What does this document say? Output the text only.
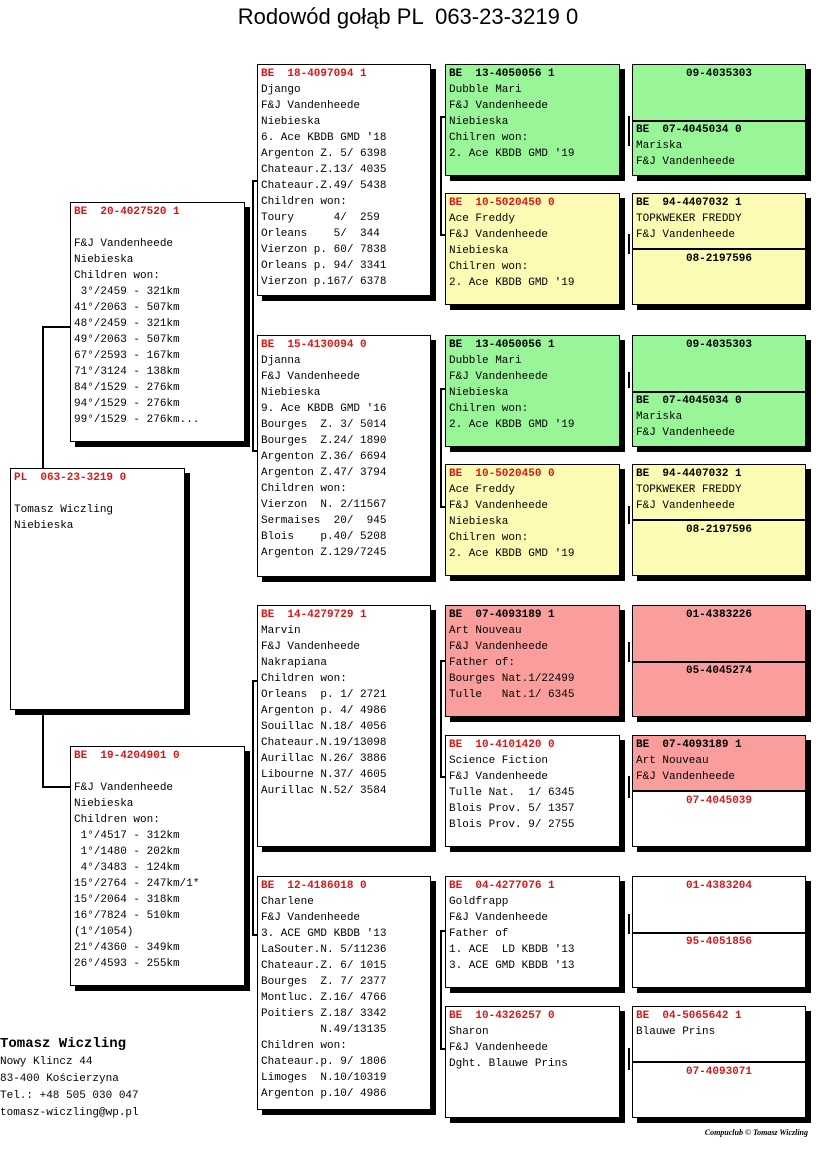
Rodowód gołąb PL  063-23-3219 0
PL  063-23-3219 0
Tomasz Wiczling
Niebieska
BE  20-4027520 1
F&J Vandenheede
Niebieska
Children won:
3°/2459 - 321km
41°/2063 - 507km
48°/2459 - 321km
49°/2063 - 507km
67°/2593 - 167km
71°/3124 - 138km
84°/1529 - 276km
94°/1529 - 276km
99°/1529 - 276km...
BE  19-4204901 0
F&J Vandenheede
Niebieska
Children won:
1°/4517 - 312km
1°/1480 - 202km
4°/3483 - 124km
15°/2764 - 247km/1*
15°/2064 - 318km
16°/7824 - 510km
(1°/1054)
21°/4360 - 349km
26°/4593 - 255km
BE  18-4097094 1
Django
F&J Vandenheede
Niebieska
6. Ace KBDB GMD '18
Argenton Z. 5/ 6398
Chateaur.Z.13/ 4035
Chateaur.Z.49/ 5438
Children won:
Toury      4/  259
Orleans    5/  344
Vierzon p. 60/ 7838
Orleans p. 94/ 3341
Vierzon p.167/ 6378
BE  15-4130094 0
Djanna
F&J Vandenheede
Niebieska
9. Ace KBDB GMD '16
Bourges  Z. 3/ 5014
Bourges  Z.24/ 1890
Argenton Z.36/ 6694
Argenton Z.47/ 3794
Children won:
Vierzon  N. 2/11567
Sermaises  20/  945
Blois    p.40/ 5208
Argenton Z.129/7245
BE  14-4279729 1
Marvin
F&J Vandenheede
Nakrapiana
Children won:
Orleans  p. 1/ 2721
Argenton p. 4/ 4986
Souillac N.18/ 4056
Chateaur.N.19/13098
Aurillac N.26/ 3886
Libourne N.37/ 4605
Aurillac N.52/ 3584
BE  12-4186018 0
Charlene
F&J Vandenheede
3. ACE GMD KBDB '13
LaSouter.N. 5/11236
Chateaur.Z. 6/ 1015
Bourges  Z. 7/ 2377
Montluc. Z.16/ 4766
Poitiers Z.18/ 3342
N.49/13135
Children won:
Chateaur.p. 9/ 1806
Limoges  N.10/10319
Argenton p.10/ 4986
BE  13-4050056 1
Dubble Mari
F&J Vandenheede
Niebieska
Chilren won:
2. Ace KBDB GMD '19
BE  10-5020450 0
Ace Freddy
F&J Vandenheede
Niebieska
Chilren won:
2. Ace KBDB GMD '19
BE  13-4050056 1
Dubble Mari
F&J Vandenheede
Niebieska
Chilren won:
2. Ace KBDB GMD '19
BE  10-5020450 0
Ace Freddy
F&J Vandenheede
Niebieska
Chilren won:
2. Ace KBDB GMD '19
BE  07-4093189 1
Art Nouveau
F&J Vandenheede
Father of:
Bourges Nat.1/22499
Tulle   Nat.1/ 6345
BE  10-4101420 0
Science Fiction
F&J Vandenheede
Tulle Nat.  1/ 6345
Blois Prov. 5/ 1357
Blois Prov. 9/ 2755
BE  04-4277076 1
Goldfrapp
F&J Vandenheede
Father of
1. ACE  LD KBDB '13
3. ACE GMD KBDB '13
BE  10-4326257 0
Sharon
F&J Vandenheede
Dght. Blauwe Prins
09-4035303
BE  07-4045034 0
Mariska
F&J Vandenheede
BE  94-4407032 1
TOPKWEKER FREDDY
F&J Vandenheede
08-2197596
09-4035303
BE  07-4045034 0
Mariska
F&J Vandenheede
BE  94-4407032 1
TOPKWEKER FREDDY
F&J Vandenheede
08-2197596
01-4383226
05-4045274
BE  07-4093189 1
Art Nouveau
F&J Vandenheede
07-4045039
01-4383204
95-4051856
BE  04-5065642 1
Blauwe Prins
07-4093071
Tomasz Wiczling
Nowy Klincz 44
83-400 Kościerzyna
Tel.: +48 505 030 047
tomasz-wiczling@wp.pl
Compuclub © Tomasz Wiczling
